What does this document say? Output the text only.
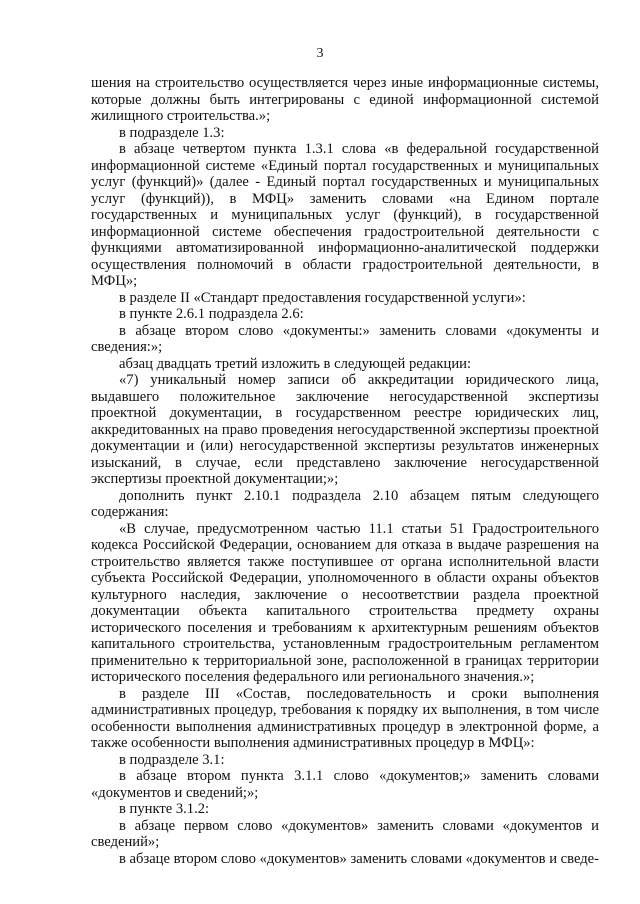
3

шения на строительство осуществляется через иные информационные системы, которые должны быть интегрированы с единой информационной системой жилищного строительства.»;

в подразделе 1.3:

в абзаце четвертом пункта 1.3.1 слова «в федеральной государственной информационной системе «Единый портал государственных и муниципальных услуг (функций)» (далее - Единый портал государственных и муниципальных услуг (функций)), в МФЦ» заменить словами «на Едином портале государственных и муниципальных услуг (функций), в государственной информационной системе обеспечения градостроительной деятельности с функциями автоматизированной информационно-аналитической поддержки осуществления полномочий в области градостроительной деятельности, в МФЦ»;

в разделе II «Стандарт предоставления государственной услуги»:

в пункте 2.6.1 подраздела 2.6:

в абзаце втором слово «документы:» заменить словами «документы и сведения:»;

абзац двадцать третий изложить в следующей редакции:

«7) уникальный номер записи об аккредитации юридического лица, выдавшего положительное заключение негосударственной экспертизы проектной документации, в государственном реестре юридических лиц, аккредитованных на право проведения негосударственной экспертизы проектной документации и (или) негосударственной экспертизы результатов инженерных изысканий, в случае, если представлено заключение негосударственной экспертизы проектной документации;»;

дополнить пункт 2.10.1 подраздела 2.10 абзацем пятым следующего содержания:

«В случае, предусмотренном частью 11.1 статьи 51 Градостроительного кодекса Российской Федерации, основанием для отказа в выдаче разрешения на строительство является также поступившее от органа исполнительной власти субъекта Российской Федерации, уполномоченного в области охраны объектов культурного наследия, заключение о несоответствии раздела проектной документации объекта капитального строительства предмету охраны исторического поселения и требованиям к архитектурным решениям объектов капитального строительства, установленным градостроительным регламентом применительно к территориальной зоне, расположенной в границах территории исторического поселения федерального или регионального значения.»;

в разделе III «Состав, последовательность и сроки выполнения административных процедур, требования к порядку их выполнения, в том числе особенности выполнения административных процедур в электронной форме, а также особенности выполнения административных процедур в МФЦ»:

в подразделе 3.1:

в абзаце втором пункта 3.1.1 слово «документов;» заменить словами «документов и сведений;»;

в пункте 3.1.2:

в абзаце первом слово «документов» заменить словами «документов и сведений»;

в абзаце втором слово «документов» заменить словами «документов и сведе-
